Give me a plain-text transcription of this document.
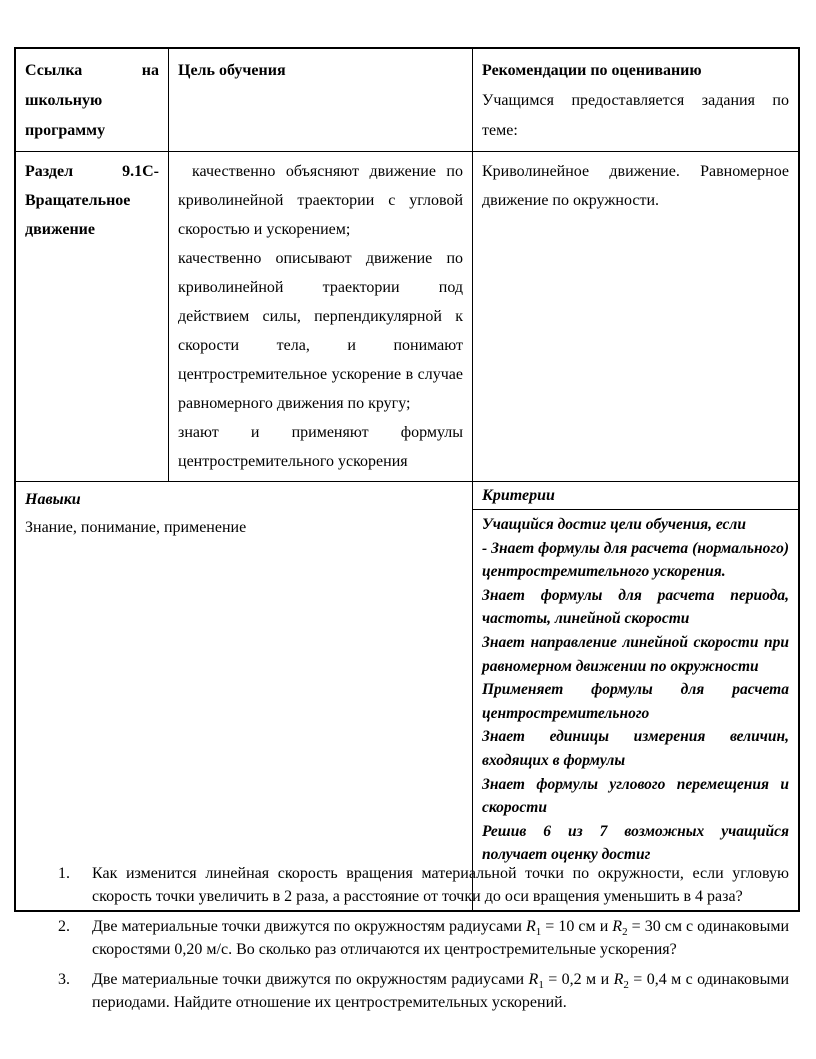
Ссылка на
школьную
программу
Цель обучения	Рекомендации по оцениванию
Учащимся предоставляется задания по
теме:
Раздел 9.1С-
Вращательное
движение

качественно объясняют движение по криволинейной траектории с угловой скоростью и ускорением;

качественно описывают движение по криволинейной траектории под действием силы, перпендикулярной к скорости тела, и понимают центростремительное ускорение в случае равномерного движения по кругу;

знают и применяют формулы центростремительного ускорения

Криволинейное движение. Равномерное движение по окружности.
Навыки
Знание, понимание, применение
Критерии
Учащийся достиг цели обучения, если
- Знает формулы для расчета (нормального) центростремительного ускорения.
Знает формулы для расчета периода, частоты, линейной скорости
Знает направление линейной скорости при равномерном движении по окружности
Применяет формулы для расчета центростремительного
Знает единицы измерения величин, входящих в формулы
Знает формулы углового перемещения и скорости
Решив 6 из 7 возможных учащийся получает оценку достиг
1. Как изменится линейная скорость вращения материальной точки по окружности, если угловую скорость точки увеличить в 2 раза, а расстояние от точки до оси вращения уменьшить в 4 раза?
2. Две материальные точки движутся по окружностям радиусами $R_1 = 10$ см и $R_2 = 30$ см с одинаковыми скоростями 0,20 м/с. Во сколько раз отличаются их центростремительные ускорения?
3. Две материальные точки движутся по окружностям радиусами $R_1 = 0,2$ м и $R_2 = 0,4$ м с одинаковыми периодами. Найдите отношение их центростремительных ускорений.
